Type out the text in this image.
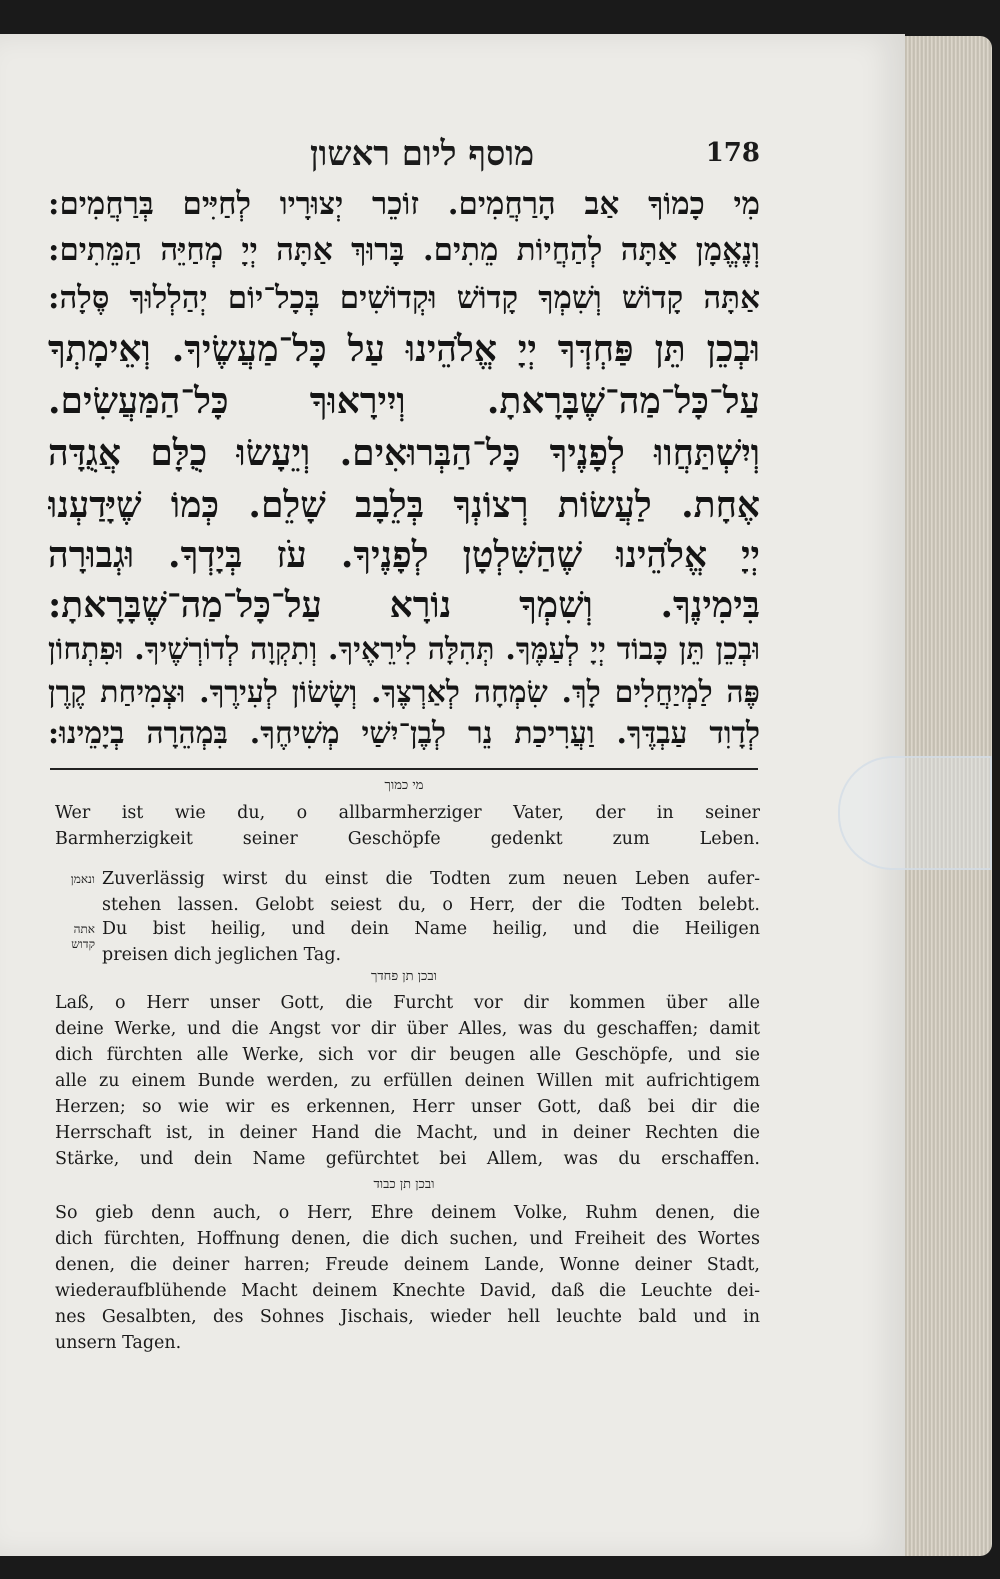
מוסף ליום ראשון	178
מִי כָמוֹךָ אַב הָרַחֲמִים. זוֹכֵר יְצוּרָיו לְחַיִּים בְּרַחֲמִים:
וְנֶאֱמָן אַתָּה לְהַחֲיוֹת מֵתִים. בָּרוּךְ אַתָּה יְיָ מְחַיֵּה הַמֵּתִים:
אַתָּה קָדוֹשׁ וְשִׁמְךָ קָדוֹשׁ וּקְדוֹשִׁים בְּכָל־יוֹם יְהַלְלוּךָ סֶּלָה:
וּבְכֵן תֵּן פַּחְדְּךָ יְיָ אֱלֹהֵינוּ עַל כָּל־מַעֲשֶׂיךָ. וְאֵימָתְךָ
עַל־כָּל־מַה־שֶׁבָּרָאתָ. וְיִירָאוּךָ כָּל־הַמַּעֲשִׂים.
וְיִשְׁתַּחֲווּ לְפָנֶיךָ כָּל־הַבְּרוּאִים. וְיֵעָשׂוּ כֻלָּם אֲגֻדָּה
אֶחָת. לַעֲשׂוֹת רְצוֹנְךָ בְּלֵבָב שָׁלֵם. כְּמוֹ שֶׁיָּדַעְנוּ
יְיָ אֱלֹהֵינוּ שֶׁהַשִּׁלְטָן לְפָנֶיךָ. עֹז בְּיָדְךָ. וּגְבוּרָה
בִּימִינֶךָ. וְשִׁמְךָ נוֹרָא עַל־כָּל־מַה־שֶׁבָּרָאתָ:
וּבְכֵן תֵּן כָּבוֹד יְיָ לְעַמֶּךָ. תְּהִלָּה לִירֵאֶיךָ. וְתִקְוָה לְדוֹרְשֶׁיךָ. וּפִתְחוֹן
פֶּה לַמְיַחֲלִים לָךְ. שִׂמְחָה לְאַרְצֶךָ. וְשָׂשׂוֹן לְעִירֶךָ. וּצְמִיחַת קֶרֶן
לְדָוִד עַבְדֶּךָ. וַעֲרִיכַת נֵר לְבֶן־יִשַׁי מְשִׁיחֶךָ. בִּמְהֵרָה בְיָמֵינוּ:
מי כמוך
Wer ist wie du, o allbarmherziger Vater, der in seiner
Barmherzigkeit seiner Geschöpfe gedenkt zum Leben.
ונאמן Zuverlässig wirst du einst die Todten zum neuen Leben aufer-
stehen lassen. Gelobt seiest du, o Herr, der die Todten belebt.
אתה קדוש
Du bist heilig, und dein Name heilig, und die Heiligen
preisen dich jeglichen Tag.
ובכן תן פחדך
Laß, o Herr unser Gott, die Furcht vor dir kommen über alle
deine Werke, und die Angst vor dir über Alles, was du geschaffen; damit
dich fürchten alle Werke, sich vor dir beugen alle Geschöpfe, und sie
alle zu einem Bunde werden, zu erfüllen deinen Willen mit aufrichtigem
Herzen; so wie wir es erkennen, Herr unser Gott, daß bei dir die
Herrschaft ist, in deiner Hand die Macht, und in deiner Rechten die
Stärke, und dein Name gefürchtet bei Allem, was du erschaffen.
ובכן תן כבוד
So gieb denn auch, o Herr, Ehre deinem Volke, Ruhm denen, die
dich fürchten, Hoffnung denen, die dich suchen, und Freiheit des Wortes
denen, die deiner harren; Freude deinem Lande, Wonne deiner Stadt,
wiederaufblühende Macht deinem Knechte David, daß die Leuchte dei-
nes Gesalbten, des Sohnes Jischais, wieder hell leuchte bald und in
unsern Tagen.
